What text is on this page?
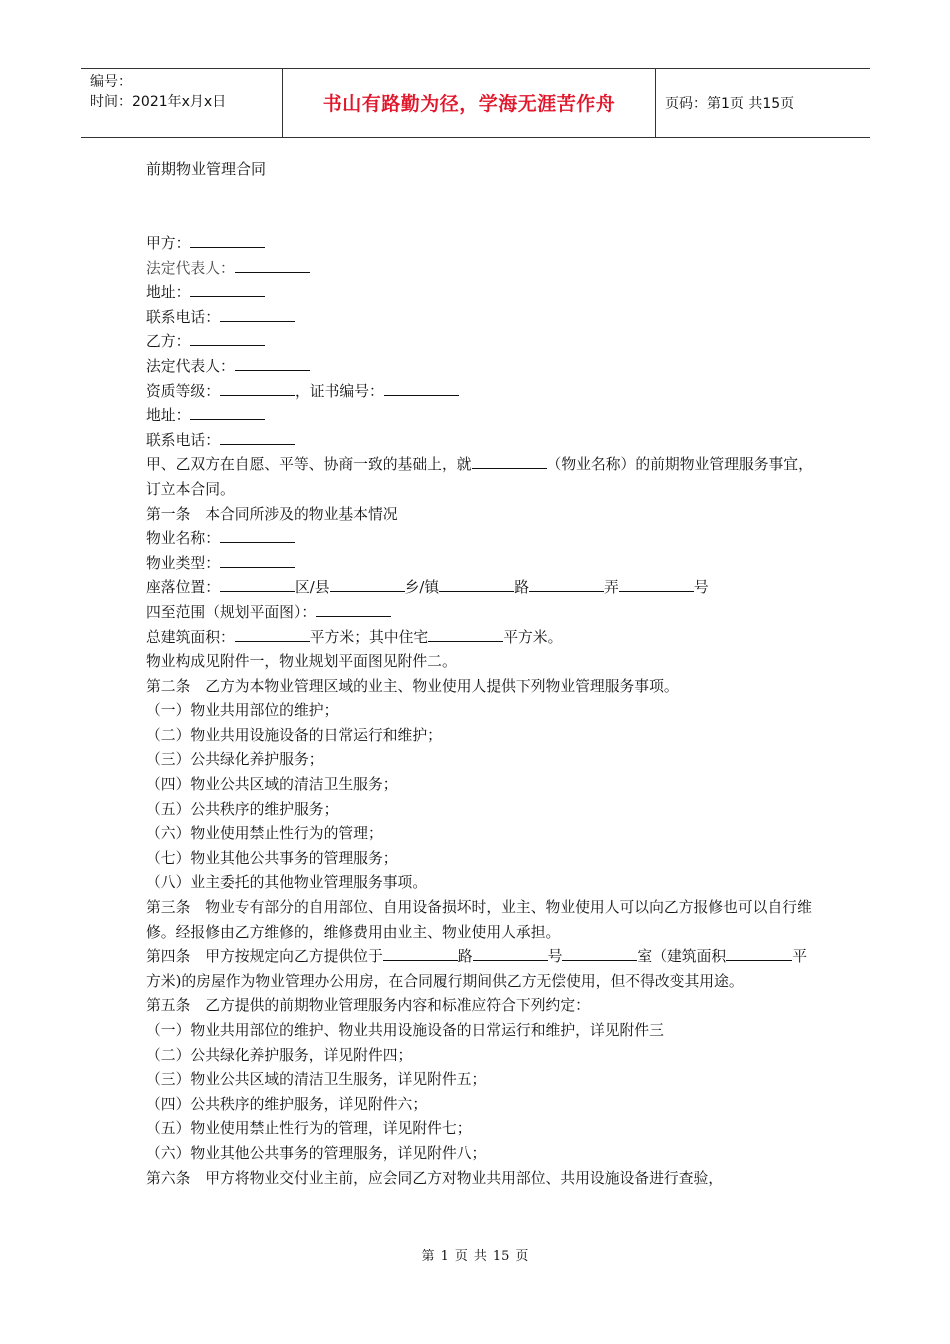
编号：
时间：2021年x月x日	书山有路勤为径，学海无涯苦作舟	页码：第1页 共15页
前期物业管理合同

甲方：

法定代表人：

地址：

联系电话：

乙方：

法定代表人：

资质等级：	，证书编号：

地址：

联系电话：

甲、乙双方在自愿、平等、协商一致的基础上，就	（物业名称）的前期物业管理服务事宜，订立本合同。

第一条　本合同所涉及的物业基本情况

物业名称：

物业类型：

座落位置：	区/县	乡/镇	路	弄	号

四至范围（规划平面图）：

总建筑面积：	平方米；其中住宅	平方米。

物业构成见附件一，物业规划平面图见附件二。

第二条　乙方为本物业管理区域的业主、物业使用人提供下列物业管理服务事项。

（一）物业共用部位的维护；

（二）物业共用设施设备的日常运行和维护；

（三）公共绿化养护服务；

（四）物业公共区域的清洁卫生服务；

（五）公共秩序的维护服务；

（六）物业使用禁止性行为的管理；

（七）物业其他公共事务的管理服务；

（八）业主委托的其他物业管理服务事项。

第三条　物业专有部分的自用部位、自用设备损坏时，业主、物业使用人可以向乙方报修也可以自行维修。经报修由乙方维修的，维修费用由业主、物业使用人承担。

第四条　甲方按规定向乙方提供位于	路	号	室（建筑面积	平方米)的房屋作为物业管理办公用房，在合同履行期间供乙方无偿使用，但不得改变其用途。

第五条　乙方提供的前期物业管理服务内容和标准应符合下列约定：

（一）物业共用部位的维护、物业共用设施设备的日常运行和维护，详见附件三

（二）公共绿化养护服务，详见附件四；

（三）物业公共区域的清洁卫生服务，详见附件五；

（四）公共秩序的维护服务，详见附件六；

（五）物业使用禁止性行为的管理，详见附件七；

（六）物业其他公共事务的管理服务，详见附件八；

第六条　甲方将物业交付业主前，应会同乙方对物业共用部位、共用设施设备进行查验，

第 1 页 共 15 页
